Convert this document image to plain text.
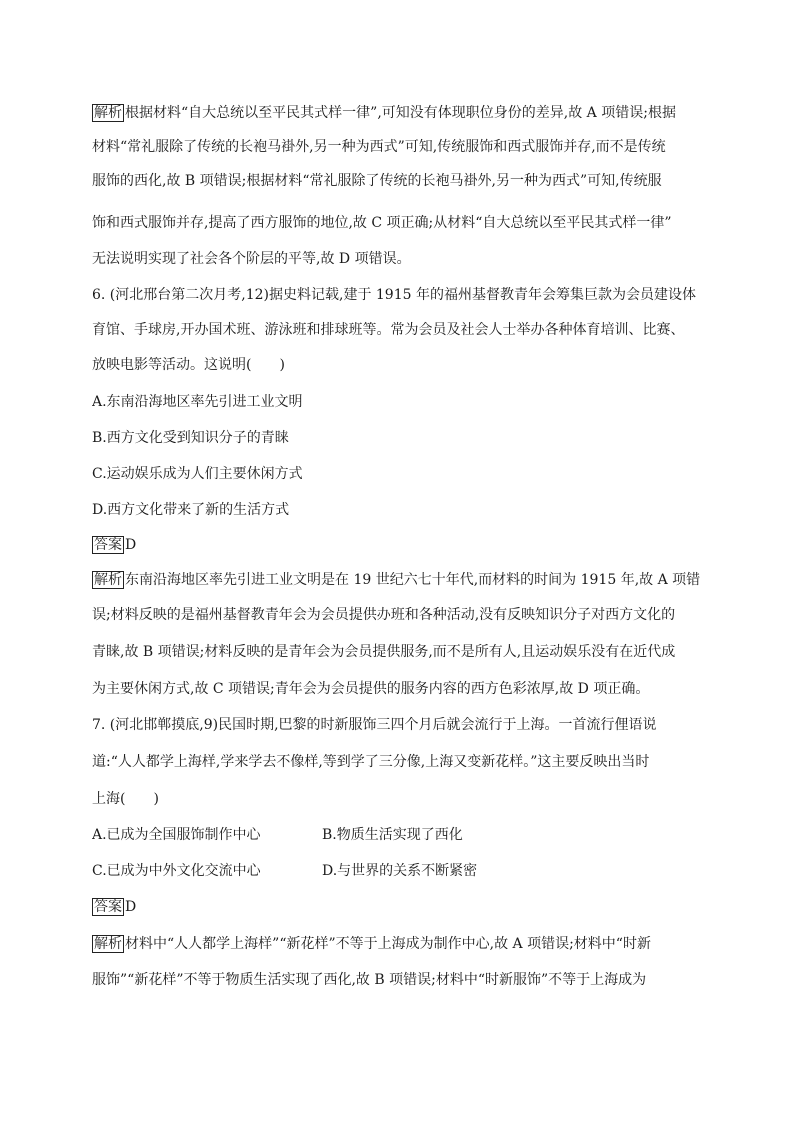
解析 根据材料“自大总统以至平民其式样一律”,可知没有体现职位身份的差异,故 A 项错误;根据
材料“常礼服除了传统的长袍马褂外,另一种为西式”可知,传统服饰和西式服饰并存,而不是传统
服饰的西化,故 B 项错误;根据材料“常礼服除了传统的长袍马褂外,另一种为西式”可知,传统服
饰和西式服饰并存,提高了西方服饰的地位,故 C 项正确;从材料“自大总统以至平民其式样一律”
无法说明实现了社会各个阶层的平等,故 D 项错误。
6. (河北邢台第二次月考,12)据史料记载,建于 1915 年的福州基督教青年会筹集巨款为会员建设体
育馆、手球房,开办国术班、游泳班和排球班等。常为会员及社会人士举办各种体育培训、比赛、
放映电影等活动。这说明(　　)
A.东南沿海地区率先引进工业文明
B.西方文化受到知识分子的青睐
C.运动娱乐成为人们主要休闲方式
D.西方文化带来了新的生活方式
答案 D
解析 东南沿海地区率先引进工业文明是在 19 世纪六七十年代,而材料的时间为 1915 年,故 A 项错
误;材料反映的是福州基督教青年会为会员提供办班和各种活动,没有反映知识分子对西方文化的
青睐,故 B 项错误;材料反映的是青年会为会员提供服务,而不是所有人,且运动娱乐没有在近代成
为主要休闲方式,故 C 项错误;青年会为会员提供的服务内容的西方色彩浓厚,故 D 项正确。
7. (河北邯郸摸底,9)民国时期,巴黎的时新服饰三四个月后就会流行于上海。一首流行俚语说
道:“人人都学上海样,学来学去不像样,等到学了三分像,上海又变新花样。”这主要反映出当时
上海(　　)
A.已成为全国服饰制作中心	B.物质生活实现了西化
C.已成为中外文化交流中心	D.与世界的关系不断紧密
答案 D
解析 材料中“人人都学上海样”“新花样”不等于上海成为制作中心,故 A 项错误;材料中“时新
服饰”“新花样”不等于物质生活实现了西化,故 B 项错误;材料中“时新服饰”不等于上海成为
